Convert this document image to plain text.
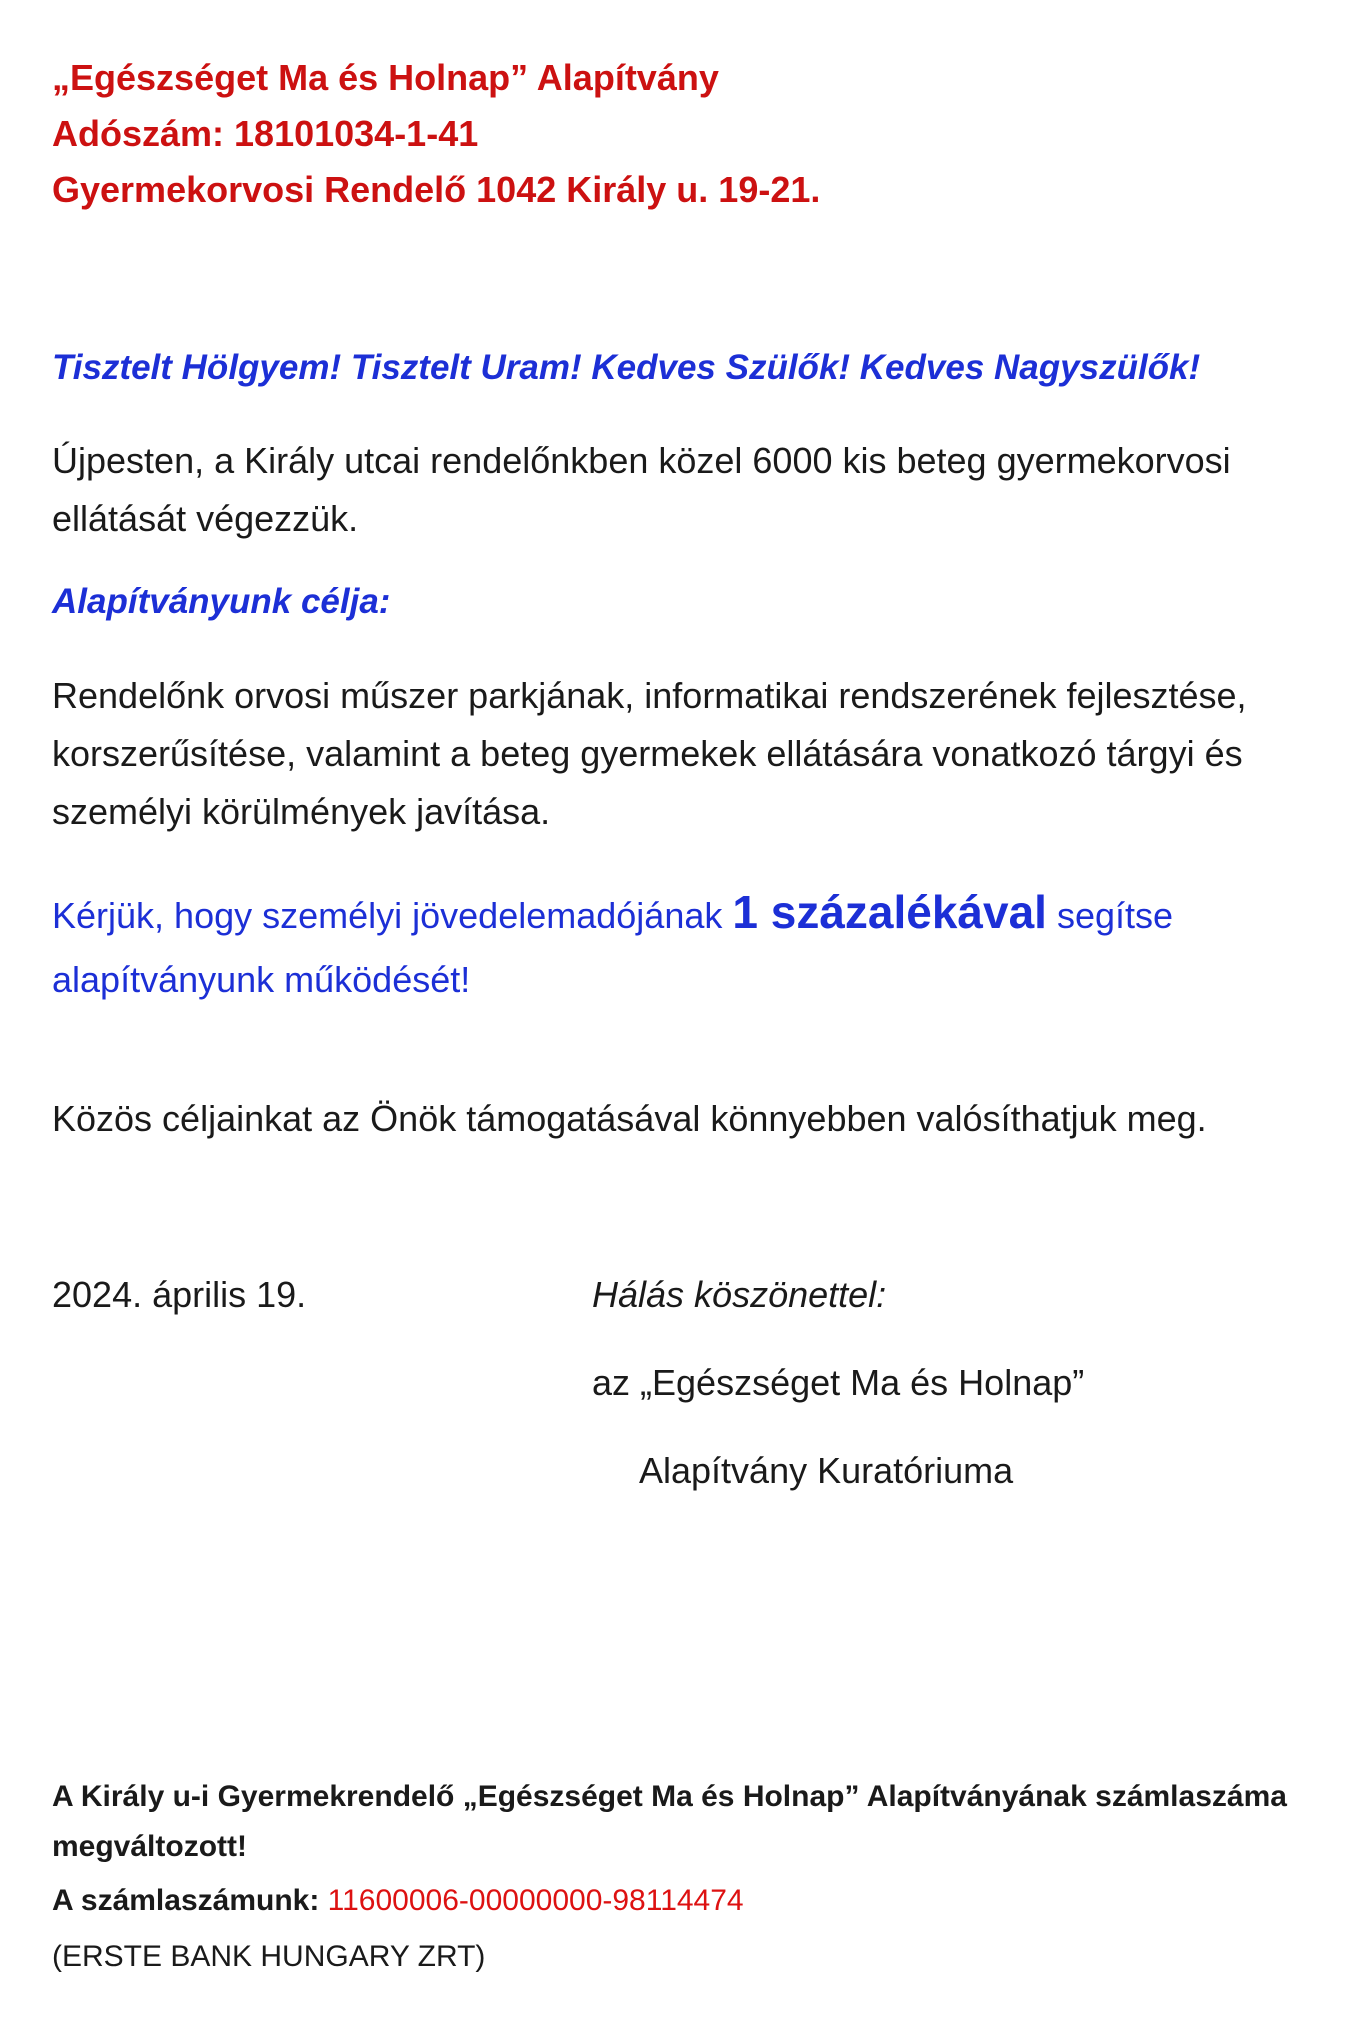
„Egészséget Ma és Holnap” Alapítvány
Adószám: 18101034-1-41
Gyermekorvosi Rendelő 1042 Király u. 19-21.
Tisztelt Hölgyem! Tisztelt Uram! Kedves Szülők! Kedves Nagyszülők!
Újpesten, a Király utcai rendelőnkben közel 6000 kis beteg gyermekorvosi ellátását végezzük.
Alapítványunk célja:
Rendelőnk orvosi műszer parkjának, informatikai rendszerének fejlesztése, korszerűsítése, valamint a beteg gyermekek ellátására vonatkozó tárgyi és személyi körülmények javítása.
Kérjük, hogy személyi jövedelemadójának 1 százalékával segítse alapítványunk működését!
Közös céljainkat az Önök támogatásával könnyebben valósíthatjuk meg.
2024. április 19.	Hálás köszönettel:
az „Egészséget Ma és Holnap”
Alapítvány Kuratóriuma
A Király u-i Gyermekrendelő „Egészséget Ma és Holnap” Alapítványának számlaszáma megváltozott!
A számlaszámunk: 11600006-00000000-98114474
(ERSTE BANK HUNGARY ZRT)
